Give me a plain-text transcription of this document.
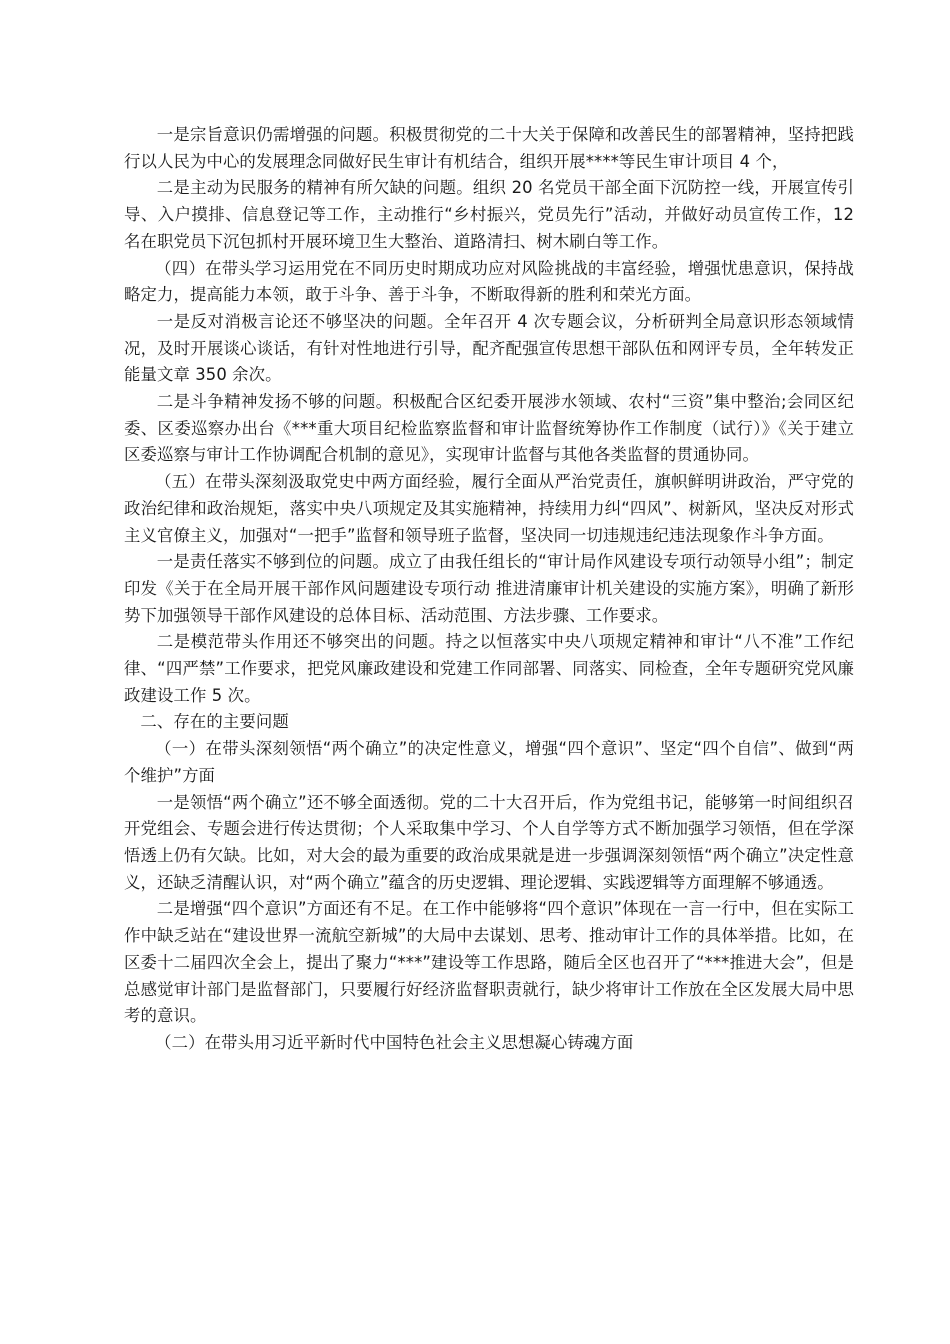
一是宗旨意识仍需增强的问题。积极贯彻党的二十大关于保障和改善民生的部署精神，坚持把践行以人民为中心的发展理念同做好民生审计有机结合，组织开展****等民生审计项目 4 个，

二是主动为民服务的精神有所欠缺的问题。组织 20 名党员干部全面下沉防控一线，开展宣传引导、入户摸排、信息登记等工作，主动推行“乡村振兴，党员先行”活动，并做好动员宣传工作，12 名在职党员下沉包抓村开展环境卫生大整治、道路清扫、树木刷白等工作。

（四）在带头学习运用党在不同历史时期成功应对风险挑战的丰富经验，增强忧患意识，保持战略定力，提高能力本领，敢于斗争、善于斗争，不断取得新的胜利和荣光方面。

一是反对消极言论还不够坚决的问题。全年召开 4 次专题会议，分析研判全局意识形态领域情况，及时开展谈心谈话，有针对性地进行引导，配齐配强宣传思想干部队伍和网评专员，全年转发正能量文章 350 余次。

二是斗争精神发扬不够的问题。积极配合区纪委开展涉水领域、农村“三资”集中整治;会同区纪委、区委巡察办出台《***重大项目纪检监察监督和审计监督统筹协作工作制度（试行）》《关于建立区委巡察与审计工作协调配合机制的意见》，实现审计监督与其他各类监督的贯通协同。

（五）在带头深刻汲取党史中两方面经验，履行全面从严治党责任，旗帜鲜明讲政治，严守党的政治纪律和政治规矩，落实中央八项规定及其实施精神，持续用力纠“四风”、树新风，坚决反对形式主义官僚主义，加强对“一把手”监督和领导班子监督，坚决同一切违规违纪违法现象作斗争方面。

一是责任落实不够到位的问题。成立了由我任组长的“审计局作风建设专项行动领导小组”；制定印发《关于在全局开展干部作风问题建设专项行动 推进清廉审计机关建设的实施方案》，明确了新形势下加强领导干部作风建设的总体目标、活动范围、方法步骤、工作要求。

二是模范带头作用还不够突出的问题。持之以恒落实中央八项规定精神和审计“八不准”工作纪律、“四严禁”工作要求，把党风廉政建设和党建工作同部署、同落实、同检查，全年专题研究党风廉政建设工作 5 次。

二、存在的主要问题

（一）在带头深刻领悟“两个确立”的决定性意义，增强“四个意识”、坚定“四个自信”、做到“两个维护”方面

一是领悟“两个确立”还不够全面透彻。党的二十大召开后，作为党组书记，能够第一时间组织召开党组会、专题会进行传达贯彻；个人采取集中学习、个人自学等方式不断加强学习领悟，但在学深悟透上仍有欠缺。比如，对大会的最为重要的政治成果就是进一步强调深刻领悟“两个确立”决定性意义，还缺乏清醒认识，对“两个确立”蕴含的历史逻辑、理论逻辑、实践逻辑等方面理解不够通透。

二是增强“四个意识”方面还有不足。在工作中能够将“四个意识”体现在一言一行中，但在实际工作中缺乏站在“建设世界一流航空新城”的大局中去谋划、思考、推动审计工作的具体举措。比如，在区委十二届四次全会上，提出了聚力“***”建设等工作思路，随后全区也召开了“***推进大会”，但是总感觉审计部门是监督部门，只要履行好经济监督职责就行，缺少将审计工作放在全区发展大局中思考的意识。

（二）在带头用习近平新时代中国特色社会主义思想凝心铸魂方面
